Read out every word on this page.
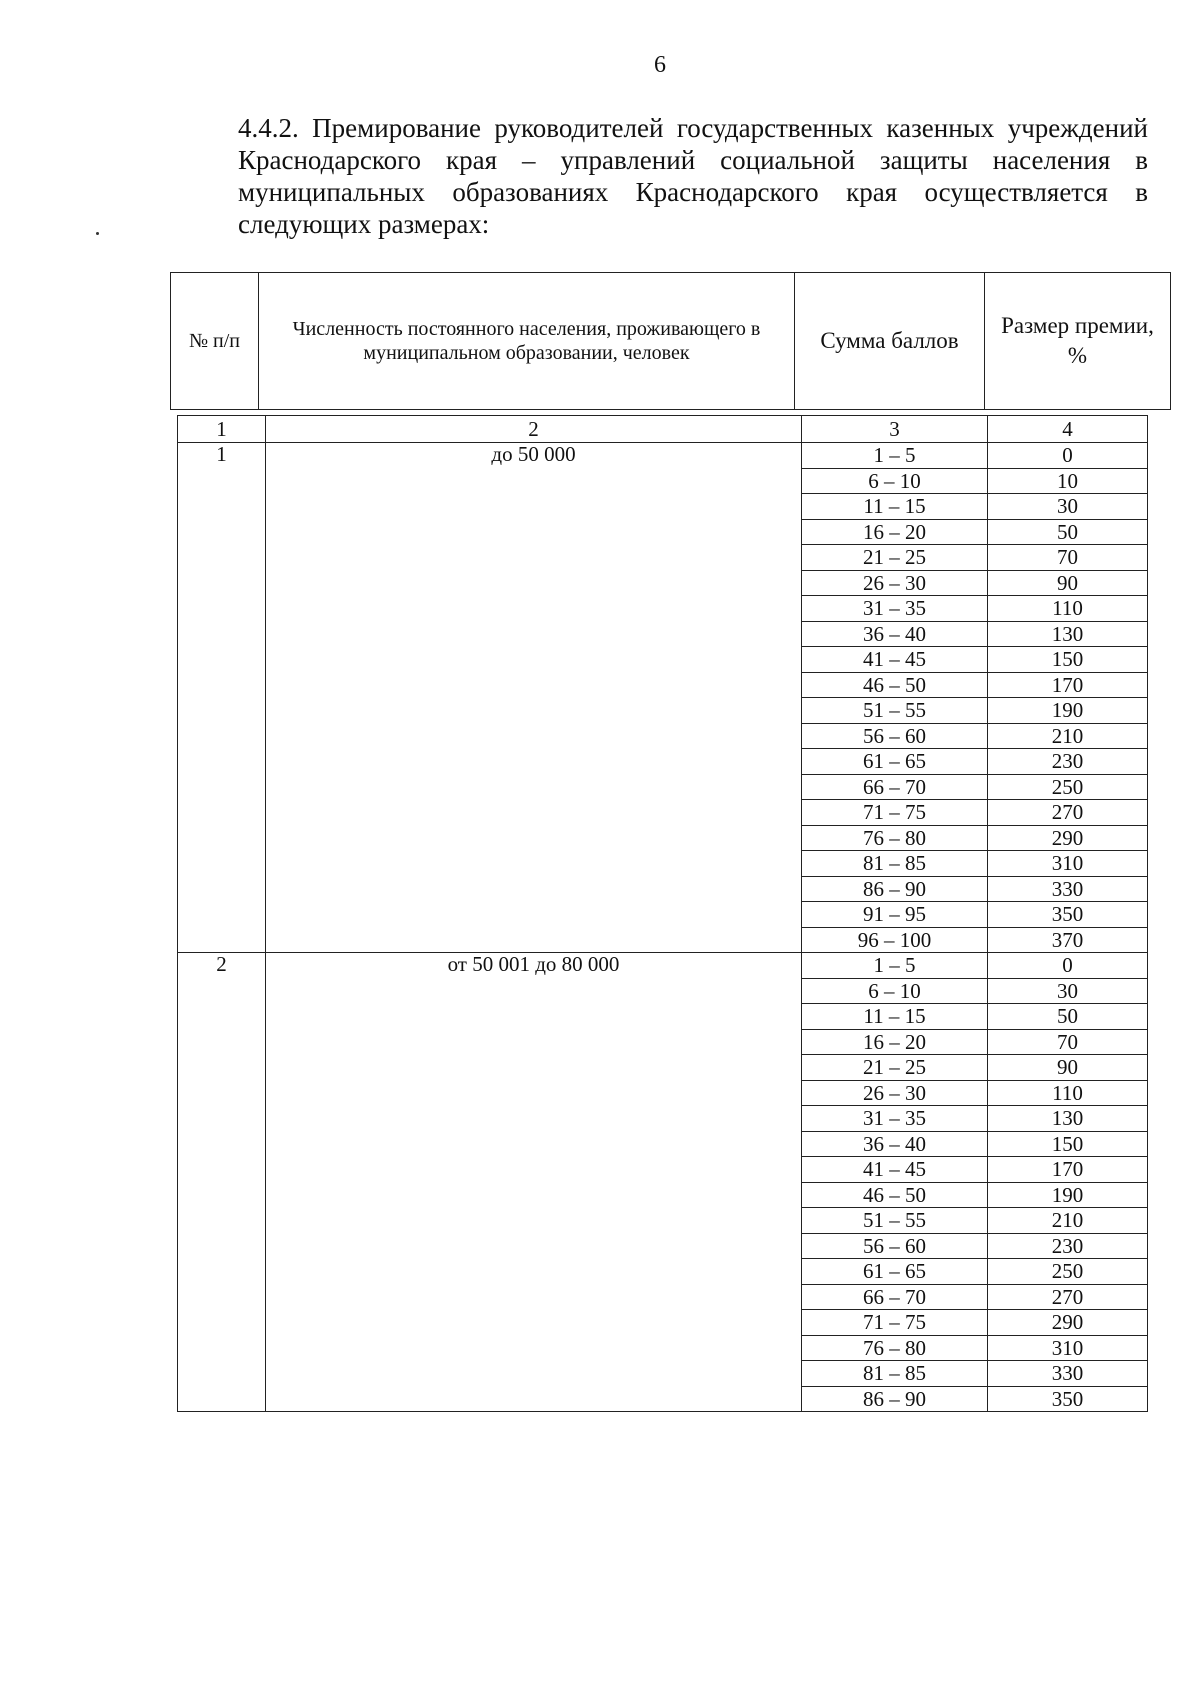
6
4.4.2. Премирование руководителей государственных казенных учреждений Краснодарского края – управлений социальной защиты населения в муниципальных образованиях Краснодарского края осуществляется в следующих размерах:
№ п/п	Численность постоянного населения, проживающего в муниципальном образовании, человек	Сумма баллов	Размер премии, %
1	2	3	4
1	до 50 000	1 – 5	0
		6 – 10	10
		11 – 15	30
		16 – 20	50
		21 – 25	70
		26 – 30	90
		31 – 35	110
		36 – 40	130
		41 – 45	150
		46 – 50	170
		51 – 55	190
		56 – 60	210
		61 – 65	230
		66 – 70	250
		71 – 75	270
		76 – 80	290
		81 – 85	310
		86 – 90	330
		91 – 95	350
		96 – 100	370
2	от 50 001 до 80 000	1 – 5	0
		6 – 10	30
		11 – 15	50
		16 – 20	70
		21 – 25	90
		26 – 30	110
		31 – 35	130
		36 – 40	150
		41 – 45	170
		46 – 50	190
		51 – 55	210
		56 – 60	230
		61 – 65	250
		66 – 70	270
		71 – 75	290
		76 – 80	310
		81 – 85	330
		86 – 90	350
